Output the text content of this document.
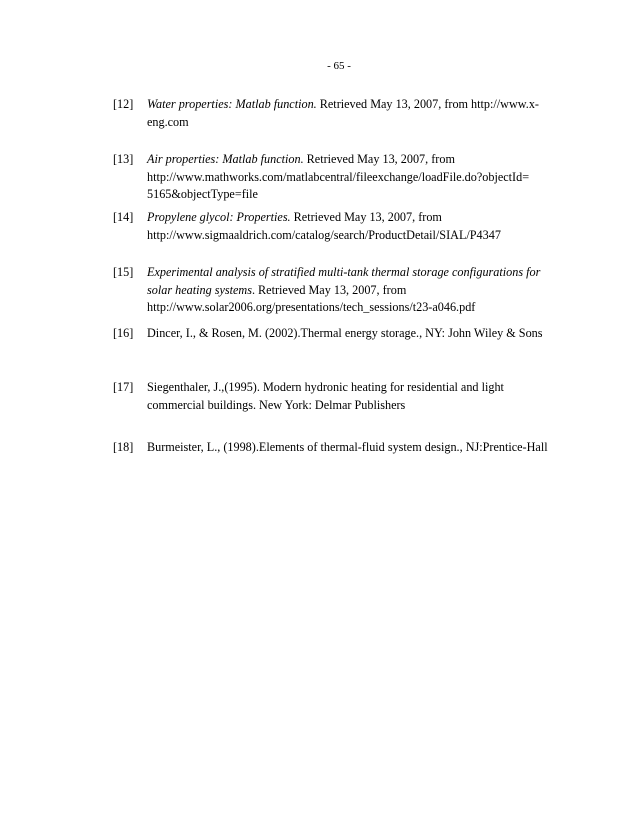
- 65 -
[12]	Water properties: Matlab function. Retrieved May 13, 2007, from http://www.x-
eng.com
[13]	Air properties: Matlab function. Retrieved May 13, 2007, from
http://www.mathworks.com/matlabcentral/fileexchange/loadFile.do?objectId=
5165&objectType=file
[14]	Propylene glycol: Properties. Retrieved May 13, 2007, from
http://www.sigmaaldrich.com/catalog/search/ProductDetail/SIAL/P4347
[15]	Experimental analysis of stratified multi-tank thermal storage configurations for
solar heating systems. Retrieved May 13, 2007, from
http://www.solar2006.org/presentations/tech_sessions/t23-a046.pdf
[16]	Dincer, I., & Rosen, M. (2002).Thermal energy storage., NY: John Wiley & Sons
[17]	Siegenthaler, J.,(1995). Modern hydronic heating for residential and light
commercial buildings. New York: Delmar Publishers
[18]	Burmeister, L., (1998).Elements of thermal-fluid system design., NJ:Prentice-Hall
